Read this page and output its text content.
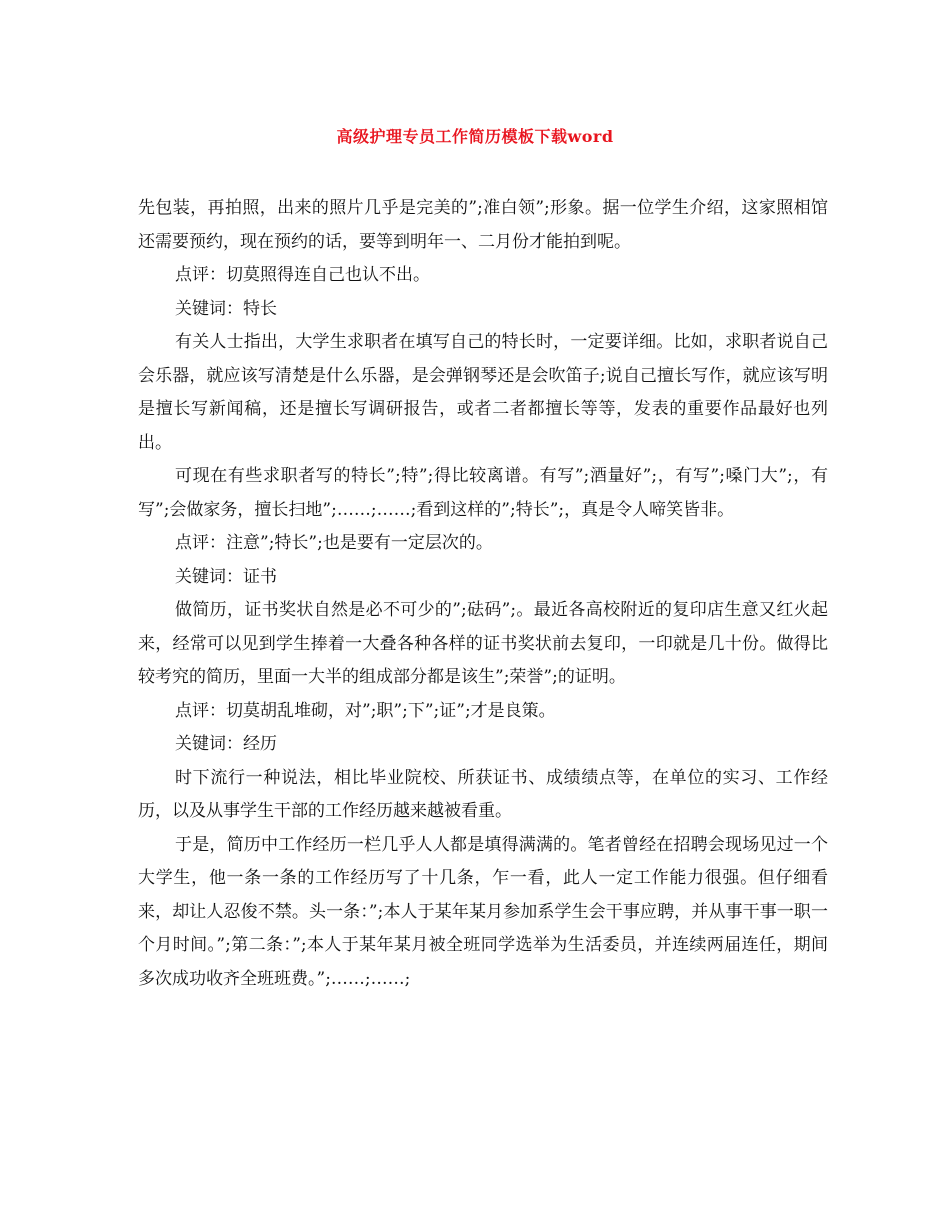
高级护理专员工作简历模板下载word

先包装，再拍照，出来的照片几乎是完美的”;准白领”;形象。据一位学生介绍，这家照相馆还需要预约，现在预约的话，要等到明年一、二月份才能拍到呢。

点评：切莫照得连自己也认不出。

关键词：特长

有关人士指出，大学生求职者在填写自己的特长时，一定要详细。比如，求职者说自己会乐器，就应该写清楚是什么乐器，是会弹钢琴还是会吹笛子;说自己擅长写作，就应该写明是擅长写新闻稿，还是擅长写调研报告，或者二者都擅长等等，发表的重要作品最好也列出。

可现在有些求职者写的特长”;特”;得比较离谱。有写”;酒量好”;，有写”;嗓门大”;，有写”;会做家务，擅长扫地”;……;……;看到这样的”;特长”;，真是令人啼笑皆非。

点评：注意”;特长”;也是要有一定层次的。

关键词：证书

做简历，证书奖状自然是必不可少的”;砝码”;。最近各高校附近的复印店生意又红火起来，经常可以见到学生捧着一大叠各种各样的证书奖状前去复印，一印就是几十份。做得比较考究的简历，里面一大半的组成部分都是该生”;荣誉”;的证明。

点评：切莫胡乱堆砌，对”;职”;下”;证”;才是良策。

关键词：经历

时下流行一种说法，相比毕业院校、所获证书、成绩绩点等，在单位的实习、工作经历，以及从事学生干部的工作经历越来越被看重。

于是，简历中工作经历一栏几乎人人都是填得满满的。笔者曾经在招聘会现场见过一个大学生，他一条一条的工作经历写了十几条，乍一看，此人一定工作能力很强。但仔细看来，却让人忍俊不禁。头一条：”;本人于某年某月参加系学生会干事应聘，并从事干事一职一个月时间。”;第二条：”;本人于某年某月被全班同学选举为生活委员，并连续两届连任，期间多次成功收齐全班班费。”;……;……;
